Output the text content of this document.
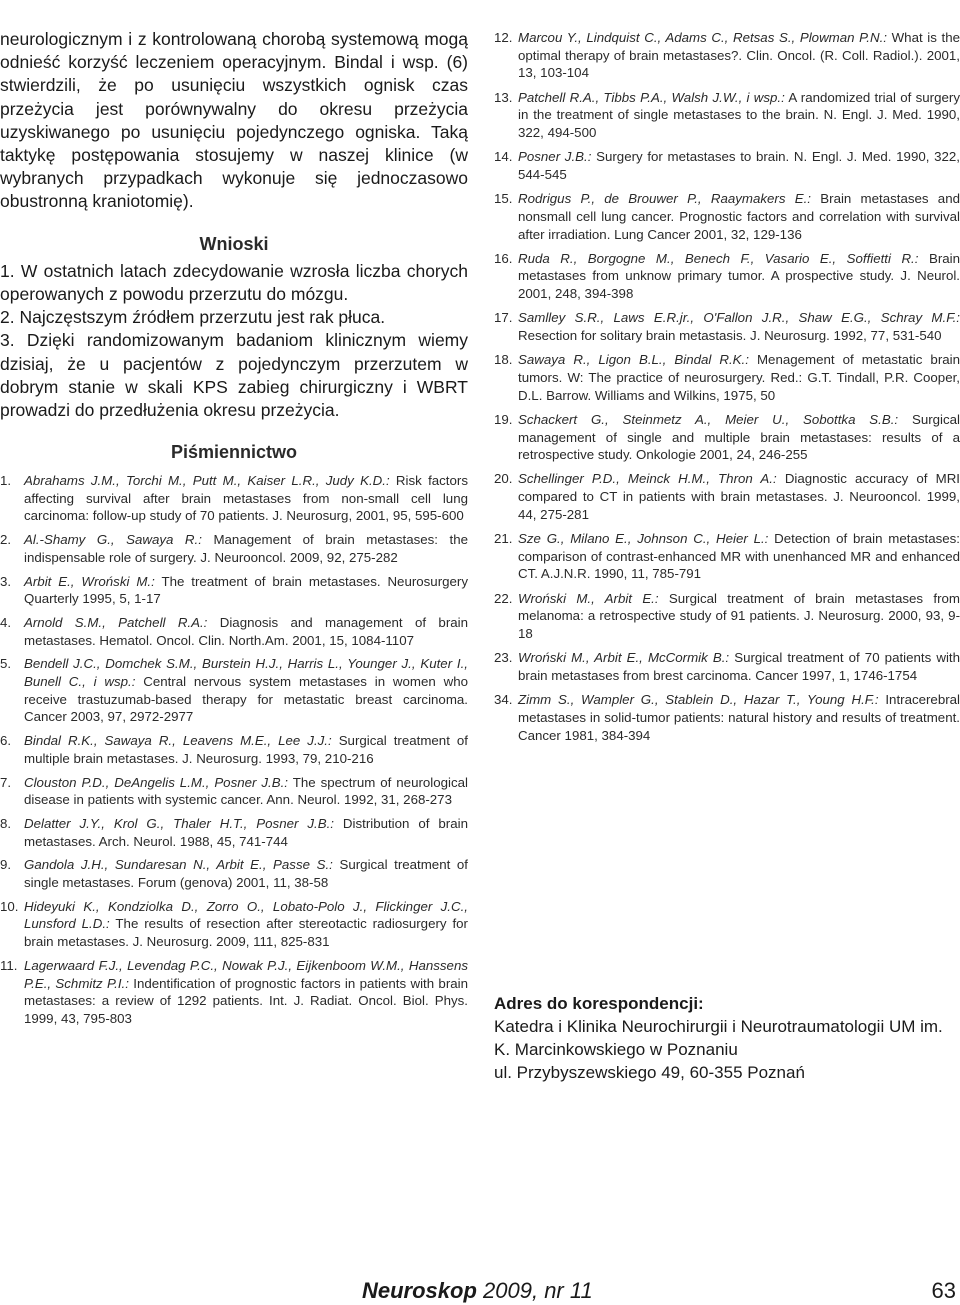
neurologicznym i z kontrolowaną chorobą systemową mogą odnieść korzyść leczeniem operacyjnym. Bindal i wsp. (6) stwierdzili, że po usunięciu wszystkich ognisk czas przeżycia jest porównywalny do okresu przeżycia uzyskiwanego po usunięciu pojedynczego ogniska. Taką taktykę postępowania stosujemy w naszej klinice (w wybranych przypadkach wykonuje się jednoczasowo obustronną kraniotomię).

Wnioski

1. W ostatnich latach zdecydowanie wzrosła liczba chorych operowanych z powodu przerzutu do mózgu.

2. Najczęstszym źródłem przerzutu jest rak płuca.

3. Dzięki randomizowanym badaniom klinicznym wiemy dzisiaj, że u pacjentów z pojedynczym przerzutem w dobrym stanie w skali KPS zabieg chirurgiczny i WBRT prowadzi do przedłużenia okresu przeżycia.

Piśmiennictwo
1. Abrahams J.M., Torchi M., Putt M., Kaiser L.R., Judy K.D.: Risk factors affecting survival after brain metastases from non-small cell lung carcinoma: follow-up study of 70 patients. J. Neurosurg, 2001, 95, 595-600
2. Al.-Shamy G., Sawaya R.: Management of brain metastases: the indispensable role of surgery. J. Neurooncol. 2009, 92, 275-282
3. Arbit E., Wroński M.: The treatment of brain metastases. Neurosurgery Quarterly 1995, 5, 1-17
4. Arnold S.M., Patchell R.A.: Diagnosis and management of brain metastases. Hematol. Oncol. Clin. North.Am. 2001, 15, 1084-1107
5. Bendell J.C., Domchek S.M., Burstein H.J., Harris L., Younger J., Kuter I., Bunell C., i wsp.: Central nervous system metastases in women who receive trastuzumab-based therapy for metastatic breast carcinoma. Cancer 2003, 97, 2972-2977
6. Bindal R.K., Sawaya R., Leavens M.E., Lee J.J.: Surgical treatment of multiple brain metastases. J. Neurosurg. 1993, 79, 210-216
7. Clouston P.D., DeAngelis L.M., Posner J.B.: The spectrum of neurological disease in patients with systemic cancer. Ann. Neurol. 1992, 31, 268-273
8. Delatter J.Y., Krol G., Thaler H.T., Posner J.B.: Distribution of brain metastases. Arch. Neurol. 1988, 45, 741-744
9. Gandola J.H., Sundaresan N., Arbit E., Passe S.: Surgical treatment of single metastases. Forum (genova) 2001, 11, 38-58
10. Hideyuki K., Kondziolka D., Zorro O., Lobato-Polo J., Flickinger J.C., Lunsford L.D.: The results of resection after stereotactic radiosurgery for brain metastases. J. Neurosurg. 2009, 111, 825-831
11. Lagerwaard F.J., Levendag P.C., Nowak P.J., Eijkenboom W.M., Hanssens P.E., Schmitz P.I.: Indentification of prognostic factors in patients with brain metastases: a review of 1292 patients. Int. J. Radiat. Oncol. Biol. Phys. 1999, 43, 795-803
12. Marcou Y., Lindquist C., Adams C., Retsas S., Plowman P.N.: What is the optimal therapy of brain metastases?. Clin. Oncol. (R. Coll. Radiol.). 2001, 13, 103-104
13. Patchell R.A., Tibbs P.A., Walsh J.W., i wsp.: A randomized trial of surgery in the treatment of single metastases to the brain. N. Engl. J. Med. 1990, 322, 494-500
14. Posner J.B.: Surgery for metastases to brain. N. Engl. J. Med. 1990, 322, 544-545
15. Rodrigus P., de Brouwer P., Raaymakers E.: Brain metastases and nonsmall cell lung cancer. Prognostic factors and correlation with survival after irradiation. Lung Cancer 2001, 32, 129-136
16. Ruda R., Borgogne M., Benech F., Vasario E., Soffietti R.: Brain metastases from unknow primary tumor. A prospective study. J. Neurol. 2001, 248, 394-398
17. Samlley S.R., Laws E.R.jr., O'Fallon J.R., Shaw E.G., Schray M.F.: Resection for solitary brain metastasis. J. Neurosurg. 1992, 77, 531-540
18. Sawaya R., Ligon B.L., Bindal R.K.: Menagement of metastatic brain tumors. W: The practice of neurosurgery. Red.: G.T. Tindall, P.R. Cooper, D.L. Barrow. Williams and Wilkins, 1975, 50
19. Schackert G., Steinmetz A., Meier U., Sobottka S.B.: Surgical management of single and multiple brain metastases: results of a retrospective study. Onkologie 2001, 24, 246-255
20. Schellinger P.D., Meinck H.M., Thron A.: Diagnostic accuracy of MRI compared to CT in patients with brain metastases. J. Neurooncol. 1999, 44, 275-281
21. Sze G., Milano E., Johnson C., Heier L.: Detection of brain metastases: comparison of contrast-enhanced MR with unenhanced MR and enhanced CT. A.J.N.R. 1990, 11, 785-791
22. Wroński M., Arbit E.: Surgical treatment of brain metastases from melanoma: a retrospective study of 91 patients. J. Neurosurg. 2000, 93, 9-18
23. Wroński M., Arbit E., McCormik B.: Surgical treatment of 70 patients with brain metastases from brest carcinoma. Cancer 1997, 1, 1746-1754
34. Zimm S., Wampler G., Stablein D., Hazar T., Young H.F.: Intracerebral metastases in solid-tumor patients: natural history and results of treatment. Cancer 1981, 384-394
Adres do korespondencji:
Katedra i Klinika Neurochirurgii i Neurotraumatologii UM im. K. Marcinkowskiego w Poznaniu
ul. Przybyszewskiego 49, 60-355 Poznań
Neuroskop 2009, nr 11	63
